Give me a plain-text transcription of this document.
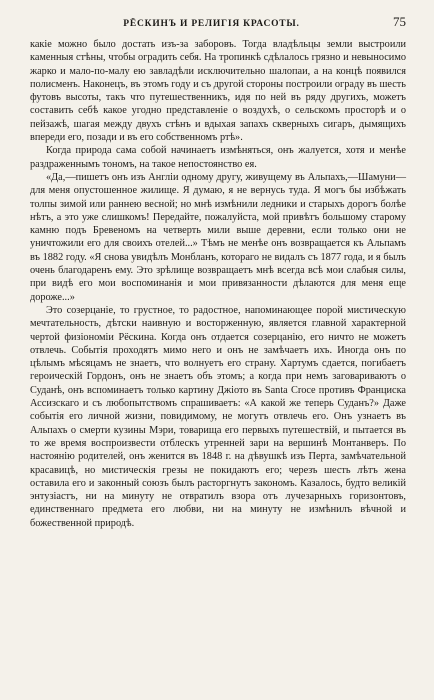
РЁСКИНЪ И РЕЛИГІЯ КРАСОТЫ.	75

какіе можно было достать изъ-за заборовъ. Тогда владѣльцы земли выстроили каменныя стѣны, чтобы оградить себя. На тропинкѣ сдѣлалось грязно и невыносимо жарко и мало-по-малу ею завладѣли исключительно шалопаи, а на концѣ появился полисменъ. Наконецъ, въ этомъ году и съ другой стороны построили ограду въ шесть футовъ высоты, такъ что путешественникъ, идя по ней въ ряду другихъ, можетъ составить себѣ какое угодно представленіе о воздухѣ, о сельскомъ просторѣ и о пейзажѣ, шагая между двухъ стѣнъ и вдыхая запахъ скверныхъ сигаръ, дымящихъ впереди его, позади и въ его собственномъ ртѣ».

Когда природа сама собой начинаетъ измѣняться, онъ жалуется, хотя и менѣе раздраженнымъ тономъ, на такое непостоянство ея.

«Да,—пишетъ онъ изъ Англіи одному другу, живущему въ Альпахъ,—Шамуни—для меня опустошенное жилище. Я думаю, я не вернусь туда. Я могъ бы избѣжать толпы зимой или раннею весной; но мнѣ измѣнили ледники и старыхъ дорогъ болѣе нѣтъ, а это уже слишкомъ! Передайте, пожалуйста, мой привѣтъ большому старому камню подъ Бревеномъ на четверть мили выше деревни, если только они не уничтожили его для своихъ отелей...» Тѣмъ не менѣе онъ возвращается къ Альпамъ въ 1882 году. «Я снова увидѣлъ Монбланъ, котораго не видалъ съ 1877 года, и я былъ очень благодаренъ ему. Это зрѣлище возвращаетъ мнѣ всегда всѣ мои слабыя силы, при видѣ его мои воспоминанія и мои привязанности дѣлаются для меня еще дороже...»

Это созерцаніе, то грустное, то радостное, напоминающее порой мистическую мечтательность, дѣтски наивную и восторженную, является главной характерной чертой физіономіи Рёскина. Когда онъ отдается созерцанію, его ничто не можетъ отвлечь. Событія проходятъ мимо него и онъ не замѣчаетъ ихъ. Иногда онъ по цѣлымъ мѣсяцамъ не знаетъ, что волнуетъ его страну. Хартумъ сдается, погибаетъ героическій Гордонъ, онъ не знаетъ объ этомъ; а когда при немъ заговариваютъ о Суданѣ, онъ вспоминаетъ только картину Джіото въ Santa Croce противъ Франциска Ассизскаго и съ любопытствомъ спрашиваетъ: «А какой же теперь Суданъ?» Даже событія его личной жизни, повидимому, не могутъ отвлечь его. Онъ узнаетъ въ Альпахъ о смерти кузины Мэри, товарища его первыхъ путешествій, и пытается въ то же время воспроизвести отблескъ утренней зари на вершинѣ Монтанверъ. По настоянію родителей, онъ женится въ 1848 г. на дѣвушкѣ изъ Перта, замѣчательной красавицѣ, но мистическія грезы не покидаютъ его; черезъ шесть лѣтъ жена оставила его и законный союзъ былъ расторгнутъ закономъ. Казалось, будто великій энтузіастъ, ни на минуту не отвратилъ взора отъ лучезарныхъ горизонтовъ, единственнаго предмета его любви, ни на минуту не измѣнилъ вѣчной и божественной природѣ.
